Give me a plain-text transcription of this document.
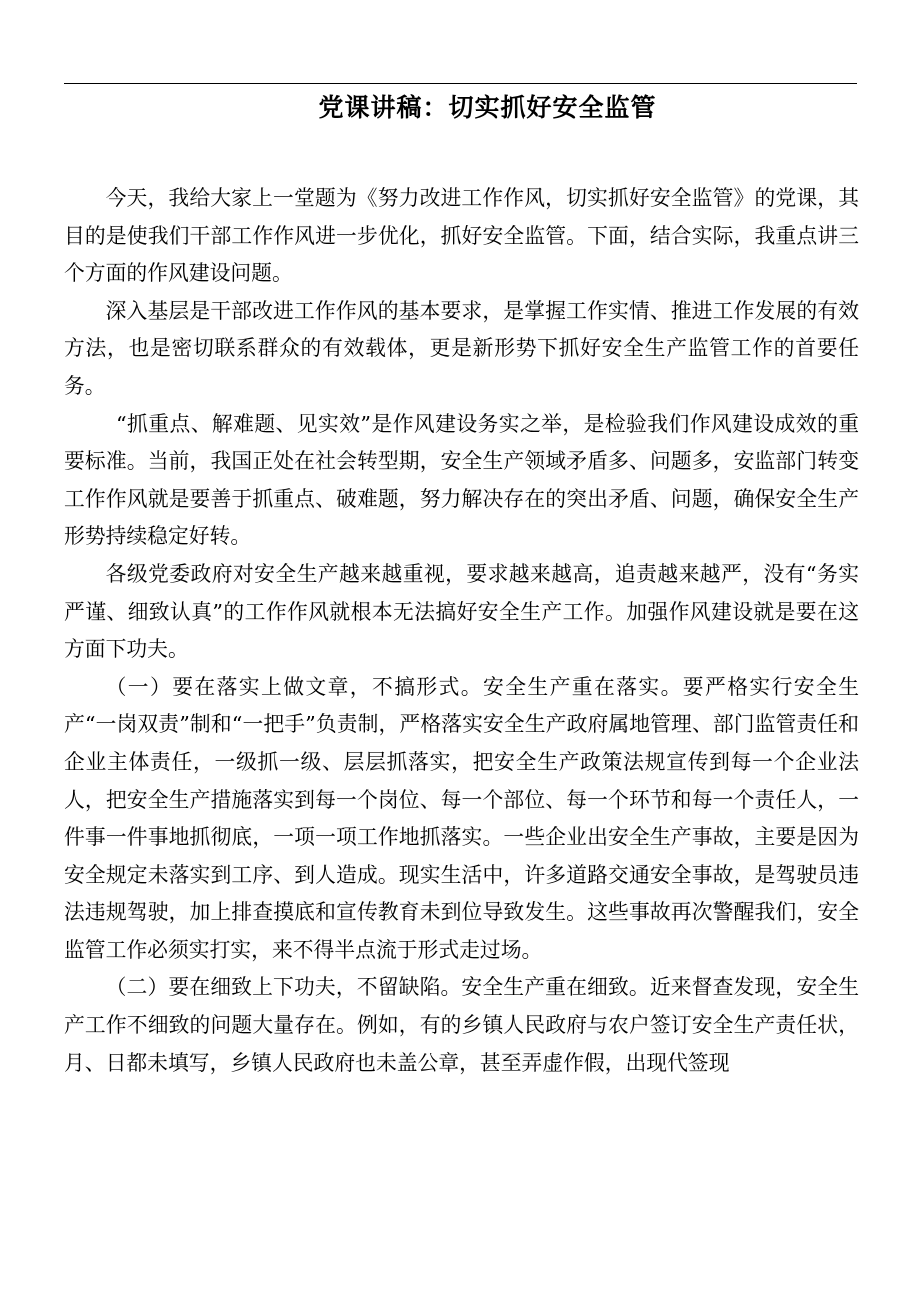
党课讲稿：切实抓好安全监管

今天，我给大家上一堂题为《努力改进工作作风，切实抓好安全监管》的党课，其目的是使我们干部工作作风进一步优化，抓好安全监管。下面，结合实际，我重点讲三个方面的作风建设问题。

深入基层是干部改进工作作风的基本要求，是掌握工作实情、推进工作发展的有效方法，也是密切联系群众的有效载体，更是新形势下抓好安全生产监管工作的首要任务。

“抓重点、解难题、见实效”是作风建设务实之举，是检验我们作风建设成效的重要标准。当前，我国正处在社会转型期，安全生产领域矛盾多、问题多，安监部门转变工作作风就是要善于抓重点、破难题，努力解决存在的突出矛盾、问题，确保安全生产形势持续稳定好转。

各级党委政府对安全生产越来越重视，要求越来越高，追责越来越严，没有“务实严谨、细致认真”的工作作风就根本无法搞好安全生产工作。加强作风建设就是要在这方面下功夫。

（一）要在落实上做文章，不搞形式。安全生产重在落实。要严格实行安全生产“一岗双责”制和“一把手”负责制，严格落实安全生产政府属地管理、部门监管责任和企业主体责任，一级抓一级、层层抓落实，把安全生产政策法规宣传到每一个企业法人，把安全生产措施落实到每一个岗位、每一个部位、每一个环节和每一个责任人，一件事一件事地抓彻底，一项一项工作地抓落实。一些企业出安全生产事故，主要是因为安全规定未落实到工序、到人造成。现实生活中，许多道路交通安全事故，是驾驶员违法违规驾驶，加上排查摸底和宣传教育未到位导致发生。这些事故再次警醒我们，安全监管工作必须实打实，来不得半点流于形式走过场。

（二）要在细致上下功夫，不留缺陷。安全生产重在细致。近来督查发现，安全生产工作不细致的问题大量存在。例如，有的乡镇人民政府与农户签订安全生产责任状，月、日都未填写，乡镇人民政府也未盖公章，甚至弄虚作假，出现代签现
